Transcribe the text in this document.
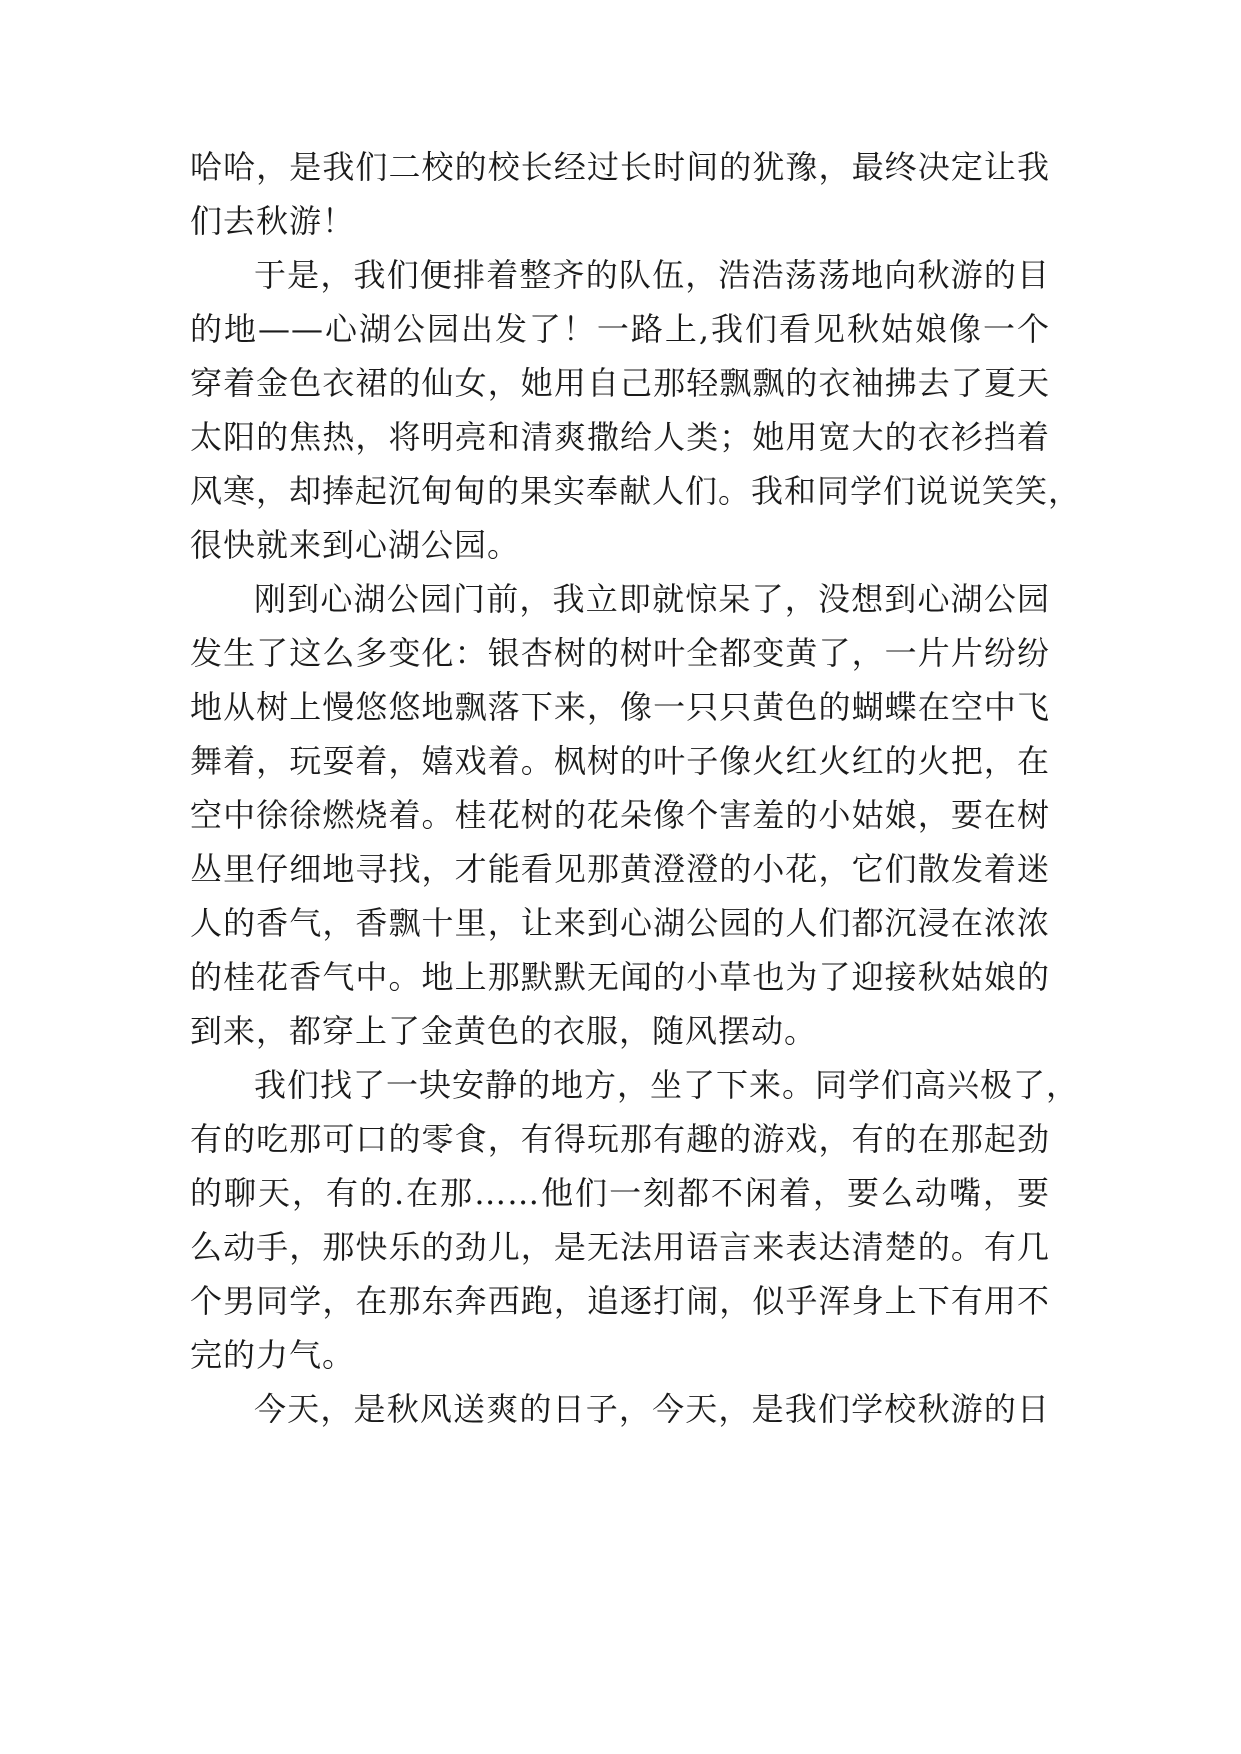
哈哈，是我们二校的校长经过长时间的犹豫，最终决定让我
们去秋游！
于是，我们便排着整齐的队伍，浩浩荡荡地向秋游的目
的地——心湖公园出发了！一路上,我们看见秋姑娘像一个
穿着金色衣裙的仙女，她用自己那轻飘飘的衣袖拂去了夏天
太阳的焦热，将明亮和清爽撒给人类；她用宽大的衣衫挡着
风寒，却捧起沉甸甸的果实奉献人们。我和同学们说说笑笑，
很快就来到心湖公园。
刚到心湖公园门前，我立即就惊呆了，没想到心湖公园
发生了这么多变化：银杏树的树叶全都变黄了，一片片纷纷
地从树上慢悠悠地飘落下来，像一只只黄色的蝴蝶在空中飞
舞着，玩耍着，嬉戏着。枫树的叶子像火红火红的火把，在
空中徐徐燃烧着。桂花树的花朵像个害羞的小姑娘，要在树
丛里仔细地寻找，才能看见那黄澄澄的小花，它们散发着迷
人的香气，香飘十里，让来到心湖公园的人们都沉浸在浓浓
的桂花香气中。地上那默默无闻的小草也为了迎接秋姑娘的
到来，都穿上了金黄色的衣服，随风摆动。
我们找了一块安静的地方，坐了下来。同学们高兴极了，
有的吃那可口的零食，有得玩那有趣的游戏，有的在那起劲
的聊天，有的.在那……他们一刻都不闲着，要么动嘴，要
么动手，那快乐的劲儿，是无法用语言来表达清楚的。有几
个男同学，在那东奔西跑，追逐打闹，似乎浑身上下有用不
完的力气。
今天，是秋风送爽的日子，今天，是我们学校秋游的日
